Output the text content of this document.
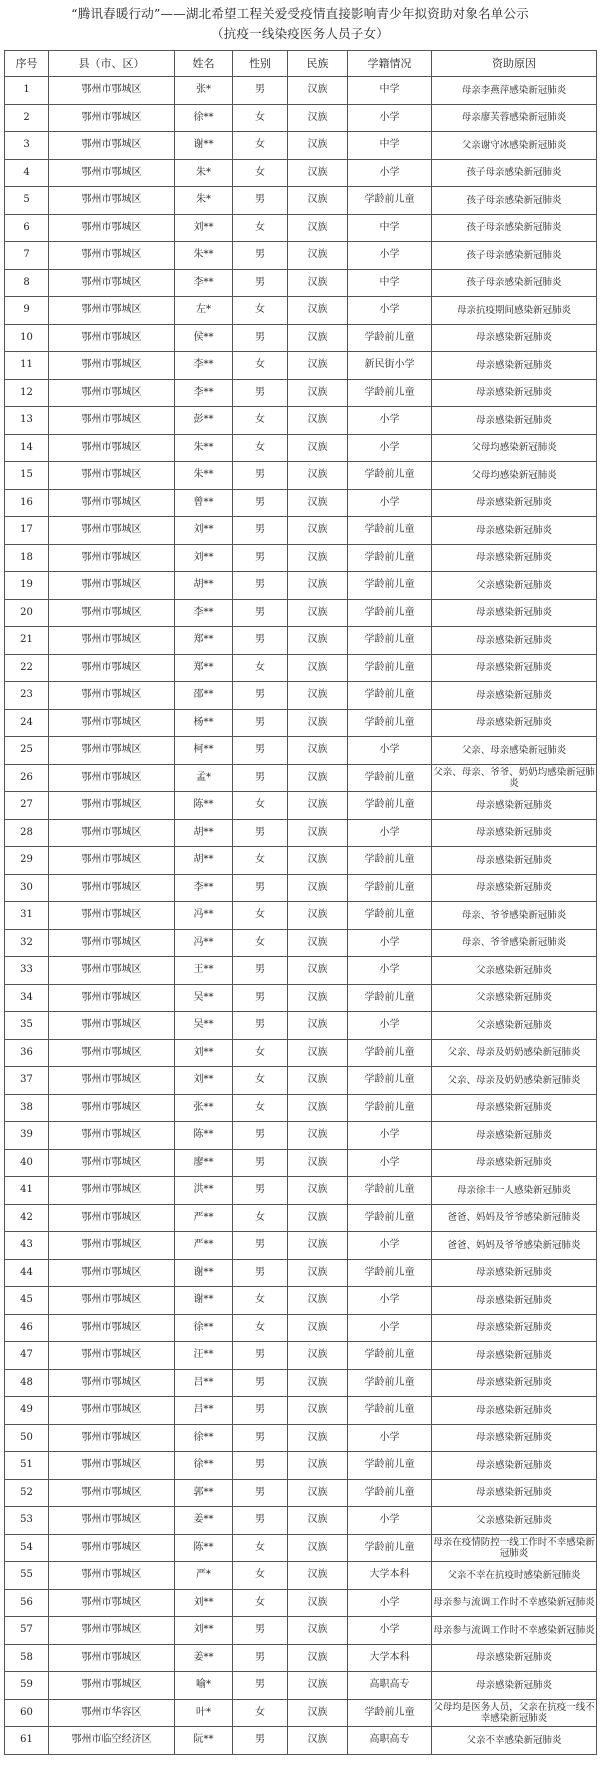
“腾讯春暖行动”——湖北希望工程关爱受疫情直接影响青少年拟资助对象名单公示
（抗疫一线染疫医务人员子女）
序号	县（市、区）	姓名	性别	民族	学籍情况	资助原因
1	鄂州市鄂城区	张*	男	汉族	中学	母亲李燕萍感染新冠肺炎
2	鄂州市鄂城区	徐**	女	汉族	小学	母亲廖芙蓉感染新冠肺炎
3	鄂州市鄂城区	谢**	女	汉族	中学	父亲谢守冰感染新冠肺炎
4	鄂州市鄂城区	朱*	女	汉族	小学	孩子母亲感染新冠肺炎
5	鄂州市鄂城区	朱*	男	汉族	学龄前儿童	孩子母亲感染新冠肺炎
6	鄂州市鄂城区	刘**	女	汉族	中学	孩子母亲感染新冠肺炎
7	鄂州市鄂城区	朱**	男	汉族	小学	孩子母亲感染新冠肺炎
8	鄂州市鄂城区	李**	男	汉族	中学	孩子母亲感染新冠肺炎
9	鄂州市鄂城区	左*	女	汉族	小学	母亲抗疫期间感染新冠肺炎
10	鄂州市鄂城区	侯**	男	汉族	学龄前儿童	母亲感染新冠肺炎
11	鄂州市鄂城区	李**	女	汉族	新民街小学	母亲感染新冠肺炎
12	鄂州市鄂城区	李**	男	汉族	学龄前儿童	母亲感染新冠肺炎
13	鄂州市鄂城区	彭**	女	汉族	小学	母亲感染新冠肺炎
14	鄂州市鄂城区	朱**	女	汉族	小学	父母均感染新冠肺炎
15	鄂州市鄂城区	朱**	男	汉族	学龄前儿童	父母均感染新冠肺炎
16	鄂州市鄂城区	曾**	男	汉族	小学	母亲感染新冠肺炎
17	鄂州市鄂城区	刘**	男	汉族	学龄前儿童	母亲感染新冠肺炎
18	鄂州市鄂城区	刘**	男	汉族	学龄前儿童	母亲感染新冠肺炎
19	鄂州市鄂城区	胡**	男	汉族	学龄前儿童	父亲感染新冠肺炎
20	鄂州市鄂城区	李**	男	汉族	学龄前儿童	母亲感染新冠肺炎
21	鄂州市鄂城区	郑**	男	汉族	学龄前儿童	母亲感染新冠肺炎
22	鄂州市鄂城区	郑**	女	汉族	学龄前儿童	母亲感染新冠肺炎
23	鄂州市鄂城区	邵**	男	汉族	学龄前儿童	母亲感染新冠肺炎
24	鄂州市鄂城区	杨**	男	汉族	学龄前儿童	母亲感染新冠肺炎
25	鄂州市鄂城区	柯**	男	汉族	小学	父亲、母亲感染新冠肺炎
26	鄂州市鄂城区	孟*	男	汉族	学龄前儿童	父亲、母亲、爷爷、奶奶均感染新冠肺炎
27	鄂州市鄂城区	陈**	女	汉族	学龄前儿童	母亲感染新冠肺炎
28	鄂州市鄂城区	胡**	男	汉族	小学	母亲感染新冠肺炎
29	鄂州市鄂城区	胡**	女	汉族	学龄前儿童	母亲感染新冠肺炎
30	鄂州市鄂城区	李**	男	汉族	学龄前儿童	母亲感染新冠肺炎
31	鄂州市鄂城区	冯**	女	汉族	学龄前儿童	母亲、爷爷感染新冠肺炎
32	鄂州市鄂城区	冯**	女	汉族	小学	母亲、爷爷感染新冠肺炎
33	鄂州市鄂城区	王**	男	汉族	小学	父亲感染新冠肺炎
34	鄂州市鄂城区	吴**	男	汉族	学龄前儿童	父亲感染新冠肺炎
35	鄂州市鄂城区	吴**	男	汉族	小学	父亲感染新冠肺炎
36	鄂州市鄂城区	刘**	女	汉族	学龄前儿童	父亲、母亲及奶奶感染新冠肺炎
37	鄂州市鄂城区	刘**	女	汉族	学龄前儿童	父亲、母亲及奶奶感染新冠肺炎
38	鄂州市鄂城区	张**	女	汉族	学龄前儿童	母亲感染新冠肺炎
39	鄂州市鄂城区	陈**	男	汉族	小学	母亲感染新冠肺炎
40	鄂州市鄂城区	廖**	男	汉族	小学	母亲感染新冠肺炎
41	鄂州市鄂城区	洪**	男	汉族	学龄前儿童	母亲徐丰一人感染新冠肺炎
42	鄂州市鄂城区	严**	女	汉族	学龄前儿童	爸爸、妈妈及爷爷感染新冠肺炎
43	鄂州市鄂城区	严**	男	汉族	小学	爸爸、妈妈及爷爷感染新冠肺炎
44	鄂州市鄂城区	谢**	男	汉族	学龄前儿童	母亲感染新冠肺炎
45	鄂州市鄂城区	谢**	女	汉族	小学	母亲感染新冠肺炎
46	鄂州市鄂城区	徐**	女	汉族	小学	母亲感染新冠肺炎
47	鄂州市鄂城区	汪**	男	汉族	学龄前儿童	母亲感染新冠肺炎
48	鄂州市鄂城区	吕**	男	汉族	学龄前儿童	母亲感染新冠肺炎
49	鄂州市鄂城区	吕**	男	汉族	学龄前儿童	母亲感染新冠肺炎
50	鄂州市鄂城区	徐**	男	汉族	小学	母亲感染新冠肺炎
51	鄂州市鄂城区	徐**	男	汉族	学龄前儿童	母亲感染新冠肺炎
52	鄂州市鄂城区	郭**	男	汉族	学龄前儿童	母亲感染新冠肺炎
53	鄂州市鄂城区	姜**	男	汉族	小学	父亲感染新冠肺炎
54	鄂州市鄂城区	陈**	女	汉族	学龄前儿童	母亲在疫情防控一线工作时不幸感染新冠肺炎
55	鄂州市鄂城区	严*	女	汉族	大学本科	父亲不幸在抗疫时感染新冠肺炎
56	鄂州市鄂城区	刘**	女	汉族	小学	母亲参与流调工作时不幸感染新冠肺炎
57	鄂州市鄂城区	刘**	男	汉族	小学	母亲参与流调工作时不幸感染新冠肺炎
58	鄂州市鄂城区	姜**	男	汉族	大学本科	母亲感染新冠肺炎
59	鄂州市鄂城区	喻*	男	汉族	高职高专	母亲感染新冠肺炎
60	鄂州市华容区	叶*	女	汉族	学龄前儿童	父母均是医务人员，父亲在抗疫一线不幸感染新冠肺炎
61	鄂州市临空经济区	阮**	男	汉族	高职高专	父亲不幸感染新冠肺炎
